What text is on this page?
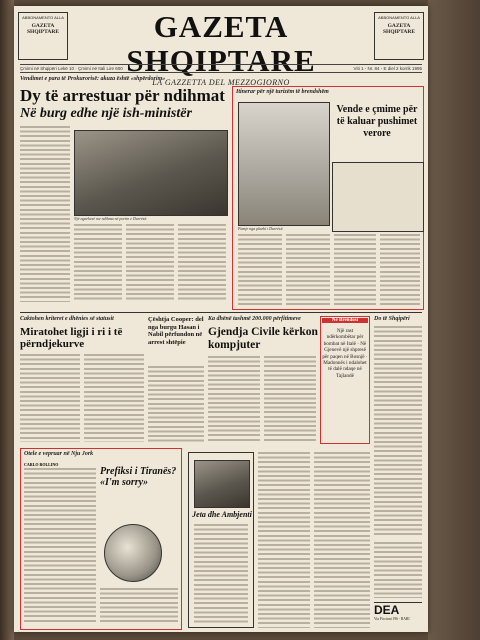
ABBONAMENTO ALLA
GAZETA SHQIPTARE	GAZETA SHQIPTARE
LA GAZZETTA DEL MEZZOGIORNO
ABBONAMENTO ALLA
GAZETA SHQIPTARE
Çmimi në Shqipëri Lekë 10 · Çmimi në Itali Lire 600	Viti 1 - Nr. 84 - E diel 2 korrik 1995
Vendimet e para të Prokurorisë: akuza është «shpërdorim»
Dy të arrestuar për ndihmat
Në burg edhe një ish-ministër
Një ngarkesë me ndihma në portin e Durrësit
Itinerar për një turizëm të brendshëm
Pamje nga plazhi i Durrësit
Vende e çmime për të kaluar pushimet verore
Caktohen kriteret e dhënies së statusit
Miratohet ligji i ri i të përndjekurve
Çështja Cooper: del nga burgu Hasan i Nabil përfundon në arrest shtëpie
Ka dhënë tashmë 200.000 përfitimeve
Gjendja Civile kërkon kompjuter
Në Brendosi
Një rast ndërkombëtar për bombat në Italë · Në Gjenevë një shpresë për paqen në Bosnjë · Madonnës i ndalohet të dalë ndaqe në Tajlandë
Do të Shqipëri
Otele e vepruar në Nju Jork
CARLO ROLLINO
Prefiksi i Tiranës? «I'm sorry»
Jeta dhe Ambjenti
DEA
Via Piccinni 196 - BARI
